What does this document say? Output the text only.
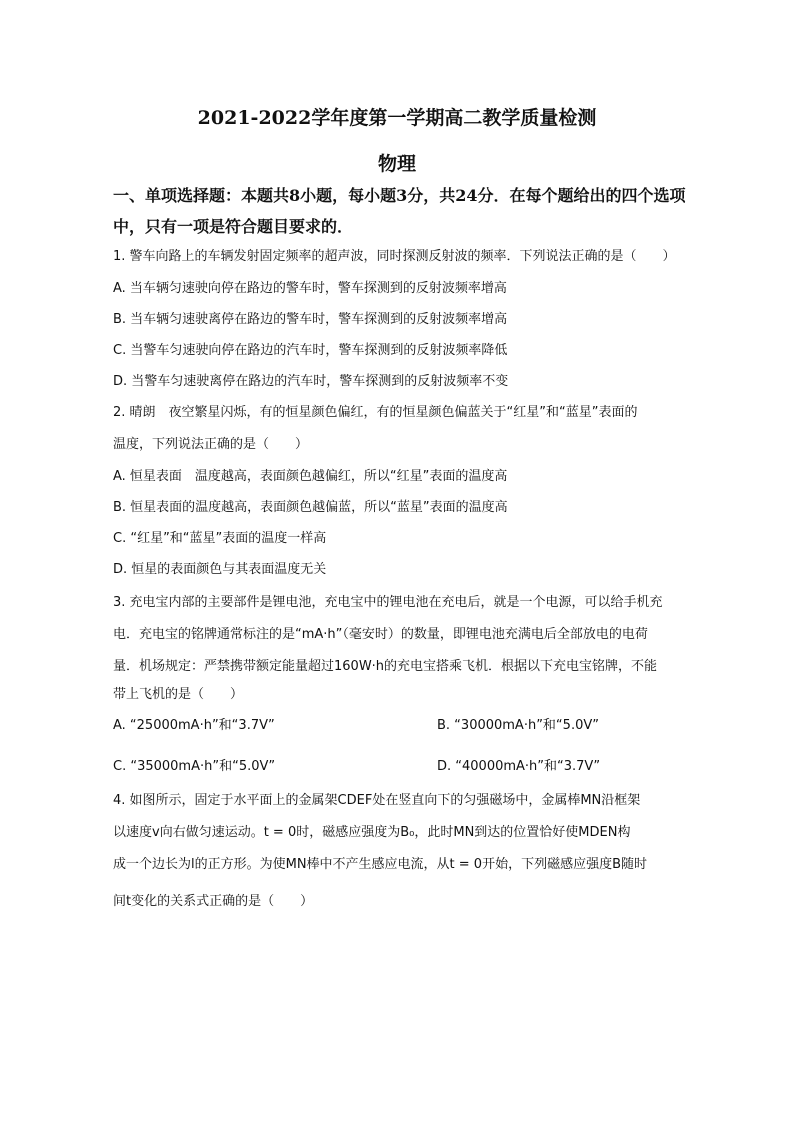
2021-2022学年度第一学期高二教学质量检测
物理
一、单项选择题：本题共8小题，每小题3分，共24分．在每个题给出的四个选项
中，只有一项是符合题目要求的．
1. 警车向路上的车辆发射固定频率的超声波，同时探测反射波的频率．下列说法正确的是（　　）
A. 当车辆匀速驶向停在路边的警车时，警车探测到的反射波频率增高
B. 当车辆匀速驶离停在路边的警车时，警车探测到的反射波频率增高
C. 当警车匀速驶向停在路边的汽车时，警车探测到的反射波频率降低
D. 当警车匀速驶离停在路边的汽车时，警车探测到的反射波频率不变
2. 晴朗　夜空繁星闪烁，有的恒星颜色偏红，有的恒星颜色偏蓝关于“红星”和“蓝星”表面的
温度，下列说法正确的是（　　）
A. 恒星表面　温度越高，表面颜色越偏红，所以“红星”表面的温度高
B. 恒星表面的温度越高，表面颜色越偏蓝，所以“蓝星”表面的温度高
C. “红星”和“蓝星”表面的温度一样高
D. 恒星的表面颜色与其表面温度无关
3. 充电宝内部的主要部件是锂电池，充电宝中的锂电池在充电后，就是一个电源，可以给手机充
电．充电宝的铭牌通常标注的是“mA·h”（毫安时）的数量，即锂电池充满电后全部放电的电荷
量．机场规定：严禁携带额定能量超过160W·h的充电宝搭乘飞机．根据以下充电宝铭牌，不能
带上飞机的是（　　）
A. “25000mA·h”和“3.7V”	B. “30000mA·h”和“5.0V”
C. “35000mA·h”和“5.0V”	D. “40000mA·h”和“3.7V”
4. 如图所示，固定于水平面上的金属架CDEF处在竖直向下的匀强磁场中，金属棒MN沿框架
以速度v向右做匀速运动。t = 0时，磁感应强度为B₀，此时MN到达的位置恰好使MDEN构
成一个边长为l的正方形。为使MN棒中不产生感应电流，从t = 0开始，下列磁感应强度B随时
间t变化的关系式正确的是（　　）
